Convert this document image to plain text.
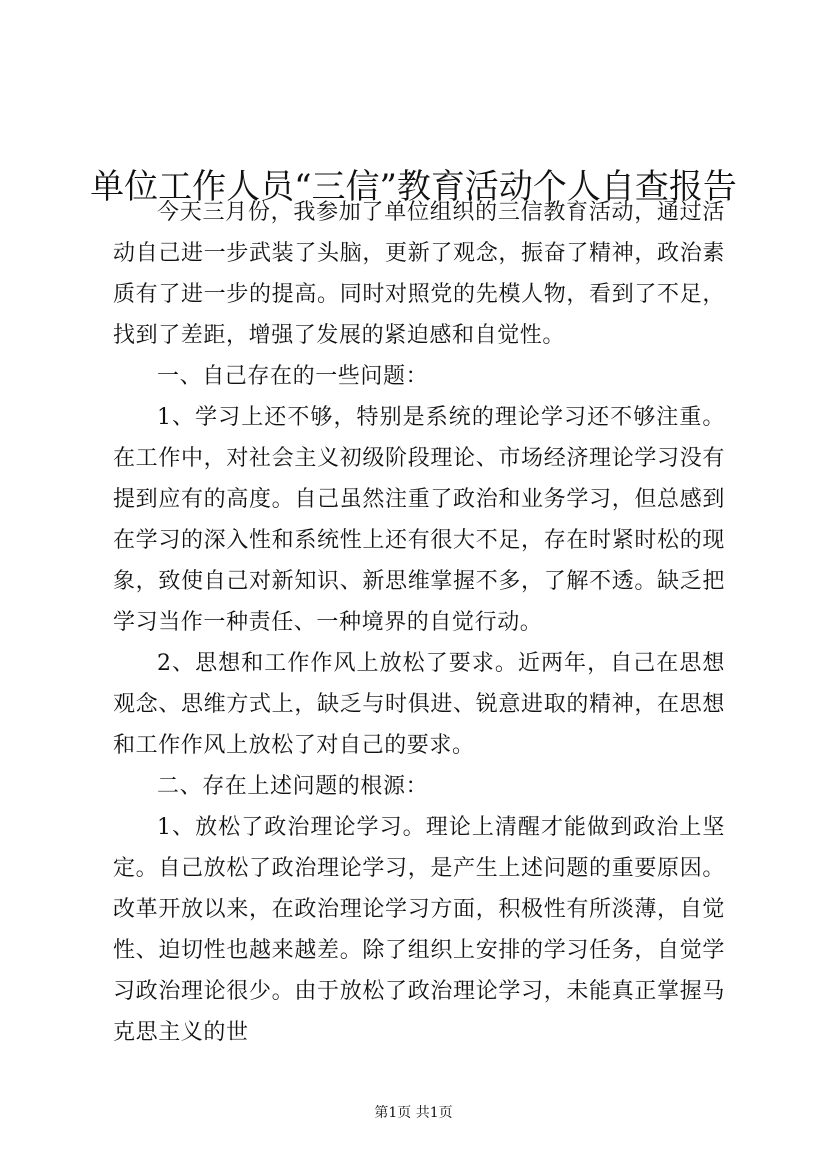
单位工作人员“三信”教育活动个人自查报告

今天三月份，我参加了单位组织的三信教育活动，通过活动自己进一步武装了头脑，更新了观念，振奋了精神，政治素质有了进一步的提高。同时对照党的先模人物，看到了不足，找到了差距，增强了发展的紧迫感和自觉性。

一、自己存在的一些问题：

1、学习上还不够，特别是系统的理论学习还不够注重。在工作中，对社会主义初级阶段理论、市场经济理论学习没有提到应有的高度。自己虽然注重了政治和业务学习，但总感到在学习的深入性和系统性上还有很大不足，存在时紧时松的现象，致使自己对新知识、新思维掌握不多，了解不透。缺乏把学习当作一种责任、一种境界的自觉行动。

2、思想和工作作风上放松了要求。近两年，自己在思想观念、思维方式上，缺乏与时俱进、锐意进取的精神，在思想和工作作风上放松了对自己的要求。

二、存在上述问题的根源：

1、放松了政治理论学习。理论上清醒才能做到政治上坚定。自己放松了政治理论学习，是产生上述问题的重要原因。改革开放以来，在政治理论学习方面，积极性有所淡薄，自觉性、迫切性也越来越差。除了组织上安排的学习任务，自觉学习政治理论很少。由于放松了政治理论学习，未能真正掌握马克思主义的世

第1页 共1页
